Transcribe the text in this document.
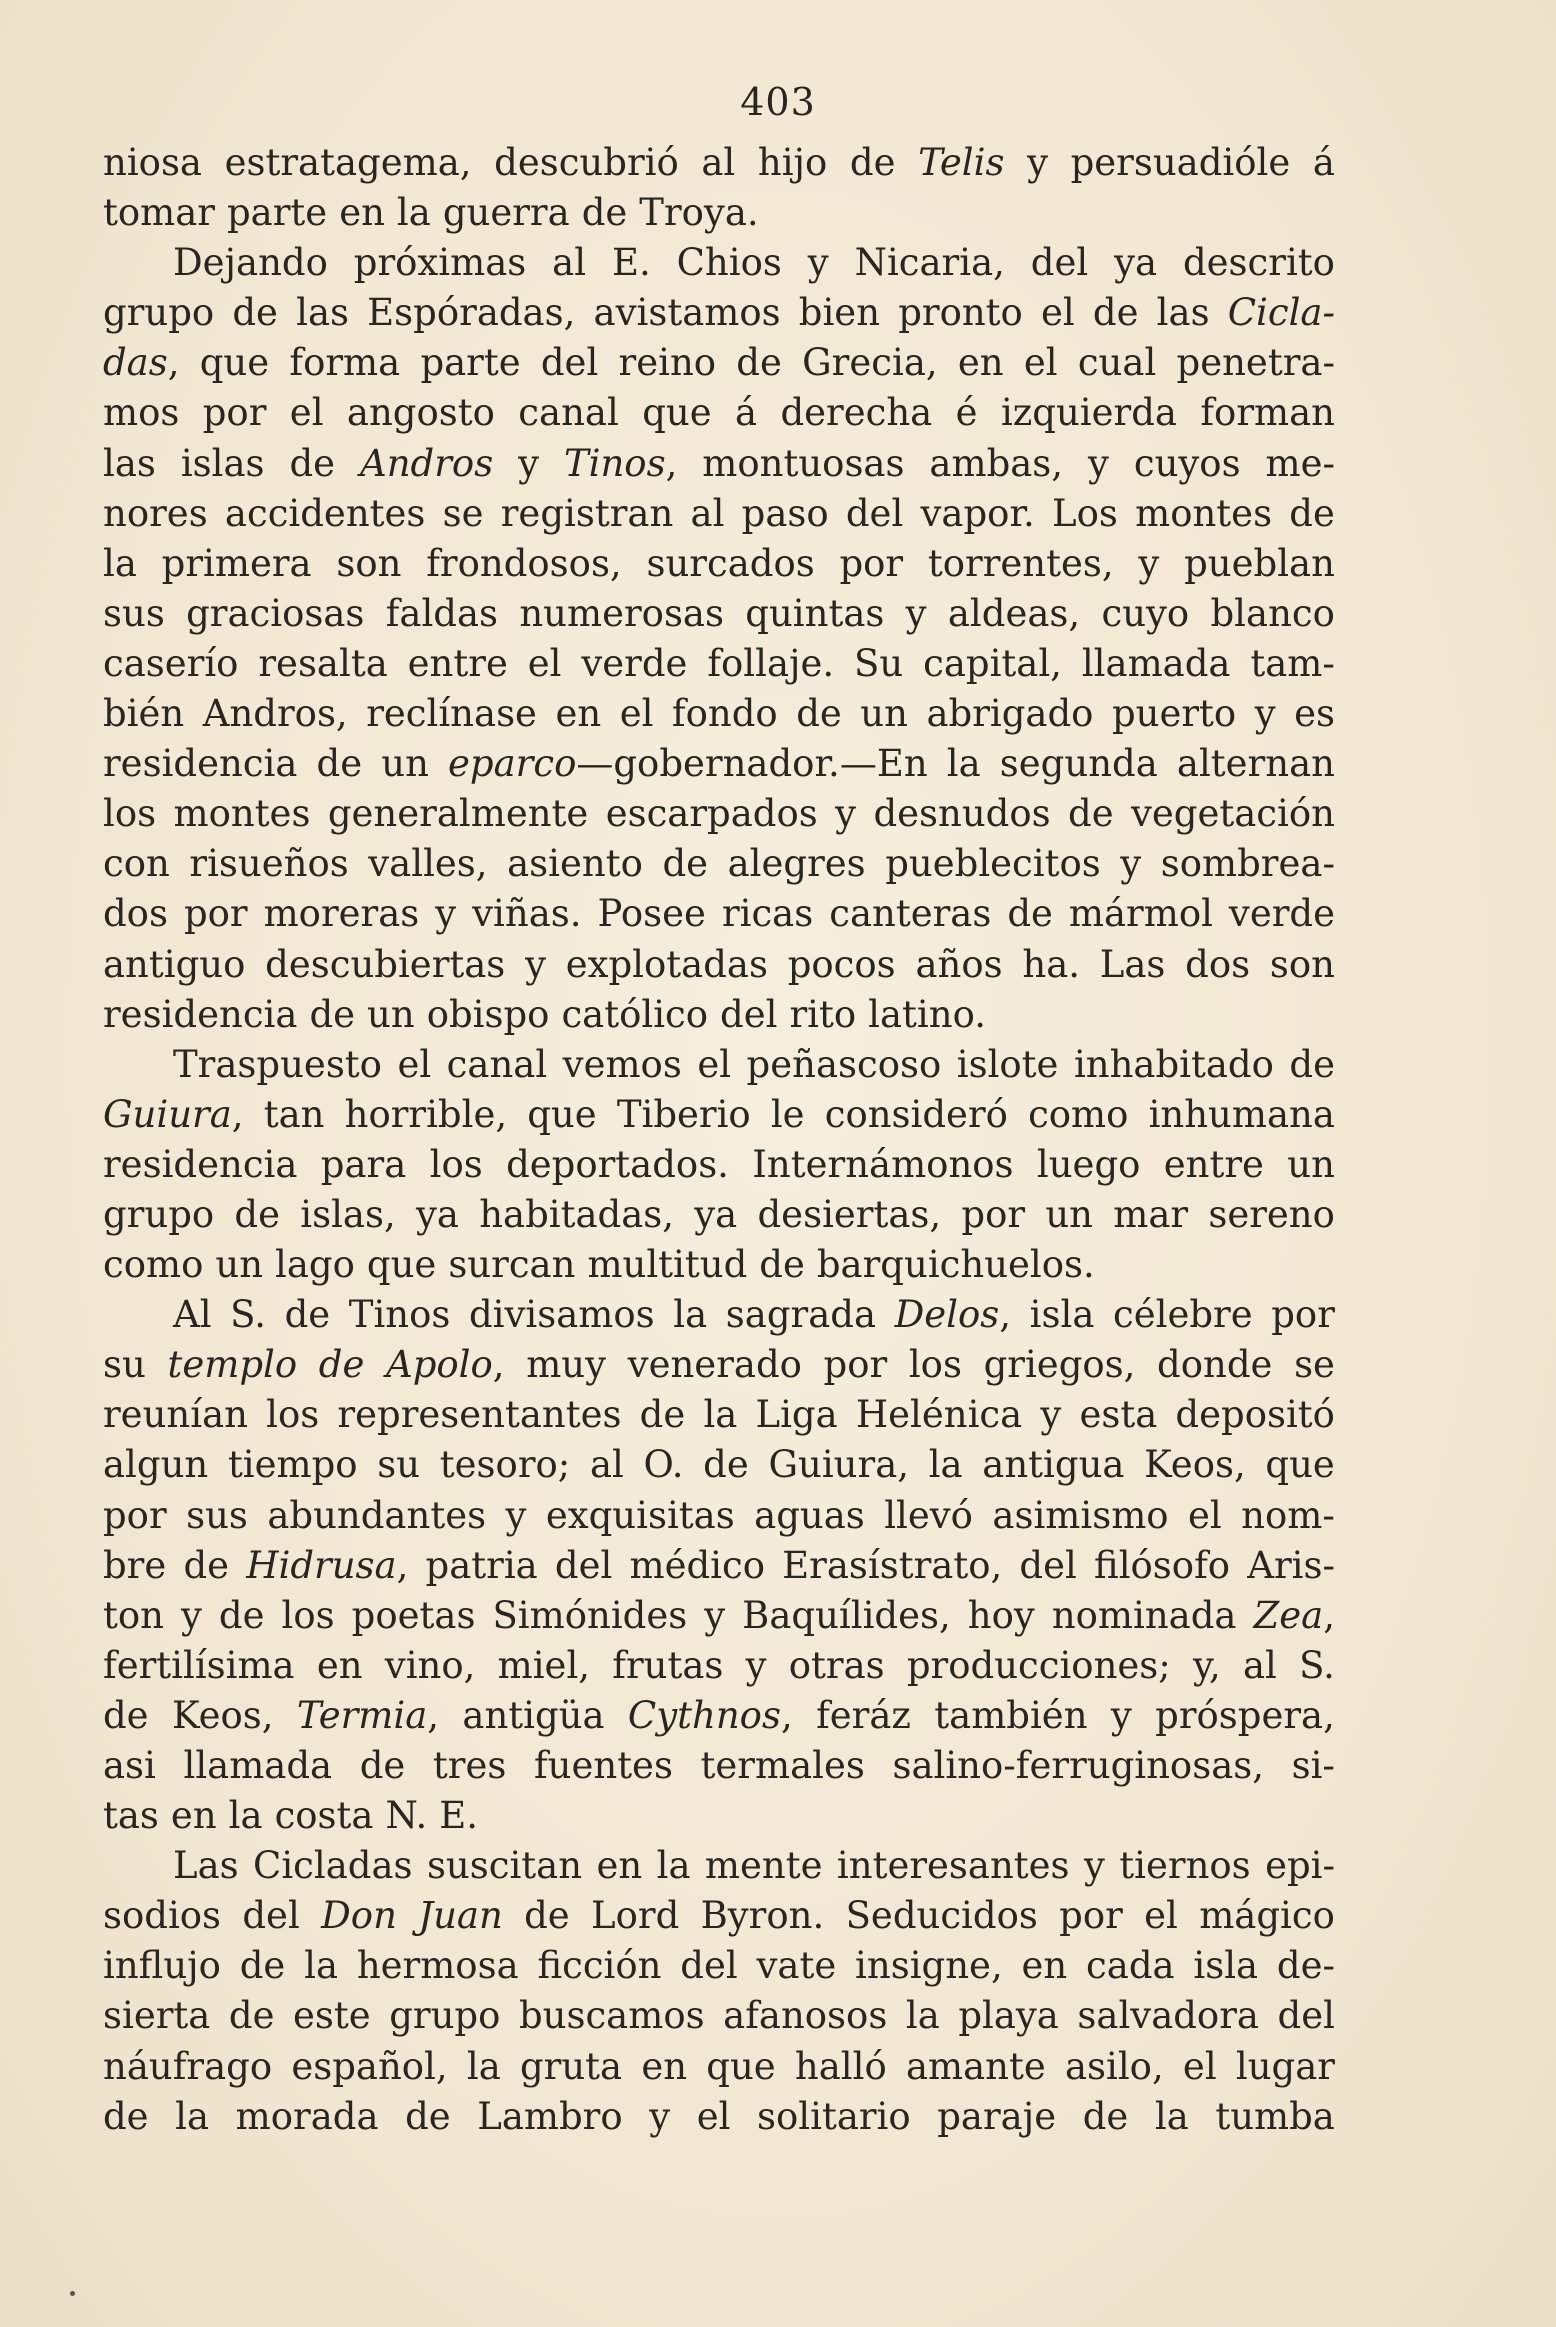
403
niosa estratagema, descubrió al hijo de Telis y persuadióle á
tomar parte en la guerra de Troya.
Dejando próximas al E. Chios y Nicaria, del ya descrito
grupo de las Espóradas, avistamos bien pronto el de las Cicla-
das, que forma parte del reino de Grecia, en el cual penetra-
mos por el angosto canal que á derecha é izquierda forman
las islas de Andros y Tinos, montuosas ambas, y cuyos me-
nores accidentes se registran al paso del vapor. Los montes de
la primera son frondosos, surcados por torrentes, y pueblan
sus graciosas faldas numerosas quintas y aldeas, cuyo blanco
caserío resalta entre el verde follaje. Su capital, llamada tam-
bién Andros, reclínase en el fondo de un abrigado puerto y es
residencia de un eparco—gobernador.—En la segunda alternan
los montes generalmente escarpados y desnudos de vegetación
con risueños valles, asiento de alegres pueblecitos y sombrea-
dos por moreras y viñas. Posee ricas canteras de mármol verde
antiguo descubiertas y explotadas pocos años ha. Las dos son
residencia de un obispo católico del rito latino.
Traspuesto el canal vemos el peñascoso islote inhabitado de
Guiura, tan horrible, que Tiberio le consideró como inhumana
residencia para los deportados. Internámonos luego entre un
grupo de islas, ya habitadas, ya desiertas, por un mar sereno
como un lago que surcan multitud de barquichuelos.
Al S. de Tinos divisamos la sagrada Delos, isla célebre por
su templo de Apolo, muy venerado por los griegos, donde se
reunían los representantes de la Liga Helénica y esta depositó
algun tiempo su tesoro; al O. de Guiura, la antigua Keos, que
por sus abundantes y exquisitas aguas llevó asimismo el nom-
bre de Hidrusa, patria del médico Erasístrato, del filósofo Aris-
ton y de los poetas Simónides y Baquílides, hoy nominada Zea,
fertilísima en vino, miel, frutas y otras producciones; y, al S.
de Keos, Termia, antigüa Cythnos, feráz también y próspera,
asi llamada de tres fuentes termales salino-ferruginosas, si-
tas en la costa N. E.
Las Cicladas suscitan en la mente interesantes y tiernos epi-
sodios del Don Juan de Lord Byron. Seducidos por el mágico
influjo de la hermosa ficción del vate insigne, en cada isla de-
sierta de este grupo buscamos afanosos la playa salvadora del
náufrago español, la gruta en que halló amante asilo, el lugar
de la morada de Lambro y el solitario paraje de la tumba
